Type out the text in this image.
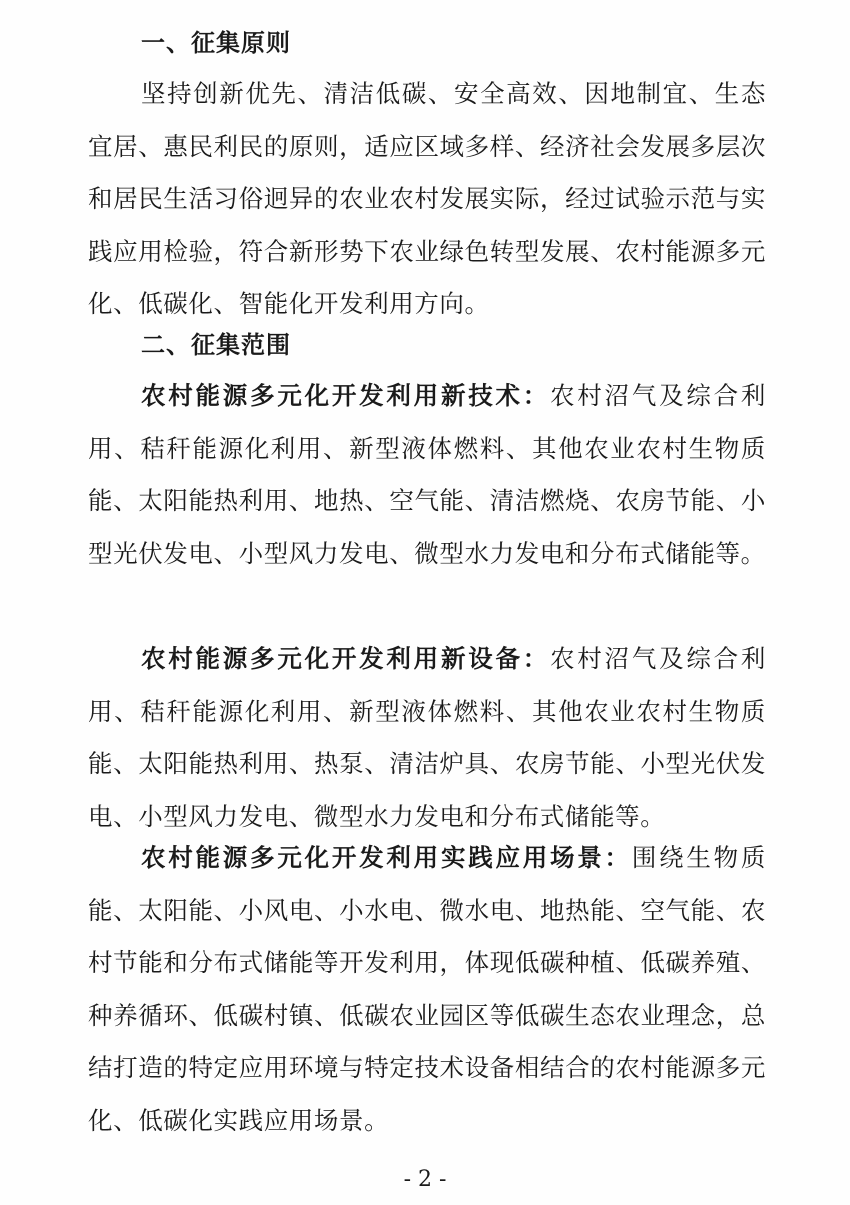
一、征集原则

坚持创新优先、清洁低碳、安全高效、因地制宜、生态宜居、惠民利民的原则，适应区域多样、经济社会发展多层次和居民生活习俗迥异的农业农村发展实际，经过试验示范与实践应用检验，符合新形势下农业绿色转型发展、农村能源多元化、低碳化、智能化开发利用方向。

二、征集范围

农村能源多元化开发利用新技术：农村沼气及综合利用、秸秆能源化利用、新型液体燃料、其他农业农村生物质能、太阳能热利用、地热、空气能、清洁燃烧、农房节能、小型光伏发电、小型风力发电、微型水力发电和分布式储能等。

农村能源多元化开发利用新设备：农村沼气及综合利用、秸秆能源化利用、新型液体燃料、其他农业农村生物质能、太阳能热利用、热泵、清洁炉具、农房节能、小型光伏发电、小型风力发电、微型水力发电和分布式储能等。

农村能源多元化开发利用实践应用场景：围绕生物质能、太阳能、小风电、小水电、微水电、地热能、空气能、农村节能和分布式储能等开发利用，体现低碳种植、低碳养殖、种养循环、低碳村镇、低碳农业园区等低碳生态农业理念，总结打造的特定应用环境与特定技术设备相结合的农村能源多元化、低碳化实践应用场景。

- 2 -
